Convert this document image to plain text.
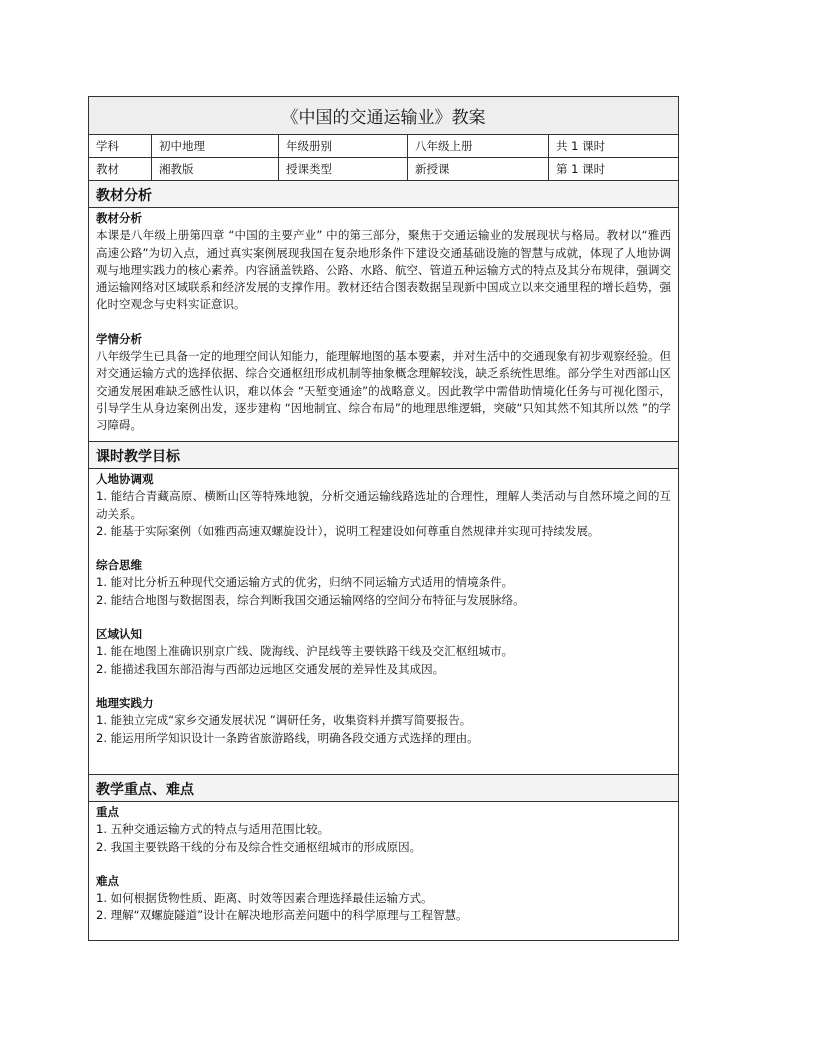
《中国的交通运输业》教案
学科	初中地理	年级册别	八年级上册	共 1 课时
教材	湘教版	授课类型	新授课	第 1 课时
教材分析
教材分析
本课是八年级上册第四章 “中国的主要产业” 中的第三部分，聚焦于交通运输业的发展现状与格局。教材以“雅西高速公路”为切入点，通过真实案例展现我国在复杂地形条件下建设交通基础设施的智慧与成就，体现了人地协调观与地理实践力的核心素养。内容涵盖铁路、公路、水路、航空、管道五种运输方式的特点及其分布规律，强调交通运输网络对区域联系和经济发展的支撑作用。教材还结合图表数据呈现新中国成立以来交通里程的增长趋势，强化时空观念与史料实证意识。
学情分析
八年级学生已具备一定的地理空间认知能力，能理解地图的基本要素，并对生活中的交通现象有初步观察经验。但对交通运输方式的选择依据、综合交通枢纽形成机制等抽象概念理解较浅，缺乏系统性思维。部分学生对西部山区交通发展困难缺乏感性认识，难以体会 “天堑变通途”的战略意义。因此教学中需借助情境化任务与可视化图示，引导学生从身边案例出发，逐步建构 “因地制宜、综合布局”的地理思维逻辑，突破“只知其然不知其所以然 ”的学习障碍。
课时教学目标
人地协调观
1. 能结合青藏高原、横断山区等特殊地貌，分析交通运输线路选址的合理性，理解人类活动与自然环境之间的互动关系。
2. 能基于实际案例（如雅西高速双螺旋设计），说明工程建设如何尊重自然规律并实现可持续发展。
综合思维
1. 能对比分析五种现代交通运输方式的优劣，归纳不同运输方式适用的情境条件。
2. 能结合地图与数据图表，综合判断我国交通运输网络的空间分布特征与发展脉络。
区域认知
1. 能在地图上准确识别京广线、陇海线、沪昆线等主要铁路干线及交汇枢纽城市。
2. 能描述我国东部沿海与西部边远地区交通发展的差异性及其成因。
地理实践力
1. 能独立完成“家乡交通发展状况 ”调研任务，收集资料并撰写简要报告。
2. 能运用所学知识设计一条跨省旅游路线，明确各段交通方式选择的理由。
教学重点、难点
重点
1. 五种交通运输方式的特点与适用范围比较。
2. 我国主要铁路干线的分布及综合性交通枢纽城市的形成原因。
难点
1. 如何根据货物性质、距离、时效等因素合理选择最佳运输方式。
2. 理解“双螺旋隧道”设计在解决地形高差问题中的科学原理与工程智慧。
